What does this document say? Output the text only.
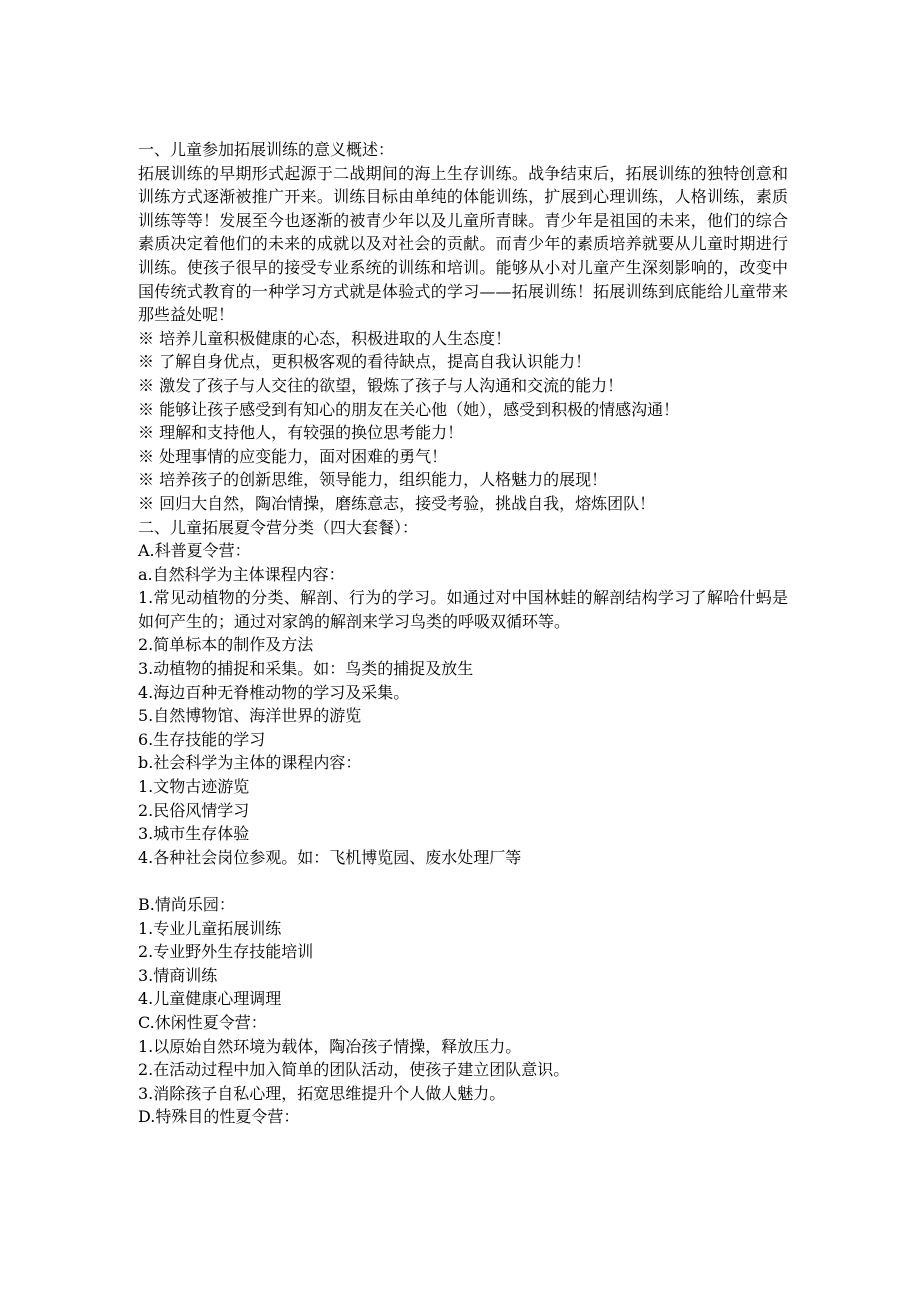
一、儿童参加拓展训练的意义概述：
拓展训练的早期形式起源于二战期间的海上生存训练。战争结束后，拓展训练的独特创意和训练方式逐渐被推广开来。训练目标由单纯的体能训练，扩展到心理训练，人格训练，素质训练等等！发展至今也逐渐的被青少年以及儿童所青睐。青少年是祖国的未来，他们的综合素质决定着他们的未来的成就以及对社会的贡献。而青少年的素质培养就要从儿童时期进行训练。使孩子很早的接受专业系统的训练和培训。能够从小对儿童产生深刻影响的，改变中国传统式教育的一种学习方式就是体验式的学习——拓展训练！拓展训练到底能给儿童带来那些益处呢！
※ 培养儿童积极健康的心态，积极进取的人生态度！
※ 了解自身优点，更积极客观的看待缺点，提高自我认识能力！
※ 激发了孩子与人交往的欲望，锻炼了孩子与人沟通和交流的能力！
※ 能够让孩子感受到有知心的朋友在关心他（她），感受到积极的情感沟通！
※ 理解和支持他人，有较强的换位思考能力！
※ 处理事情的应变能力，面对困难的勇气！
※ 培养孩子的创新思维，领导能力，组织能力，人格魅力的展现！
※ 回归大自然，陶冶情操，磨练意志，接受考验，挑战自我，熔炼团队！
二、儿童拓展夏令营分类（四大套餐）：
A.科普夏令营：
a.自然科学为主体课程内容：
1.常见动植物的分类、解剖、行为的学习。如通过对中国林蛙的解剖结构学习了解哈什蚂是如何产生的；通过对家鸽的解剖来学习鸟类的呼吸双循环等。
2.简单标本的制作及方法
3.动植物的捕捉和采集。如：鸟类的捕捉及放生
4.海边百种无脊椎动物的学习及采集。
5.自然博物馆、海洋世界的游览
6.生存技能的学习
b.社会科学为主体的课程内容：
1.文物古迹游览
2.民俗风情学习
3.城市生存体验
4.各种社会岗位参观。如：飞机博览园、废水处理厂等
B.情尚乐园：
1.专业儿童拓展训练
2.专业野外生存技能培训
3.情商训练
4.儿童健康心理调理
C.休闲性夏令营：
1.以原始自然环境为载体，陶冶孩子情操，释放压力。
2.在活动过程中加入简单的团队活动，使孩子建立团队意识。
3.消除孩子自私心理，拓宽思维提升个人做人魅力。
D.特殊目的性夏令营：
